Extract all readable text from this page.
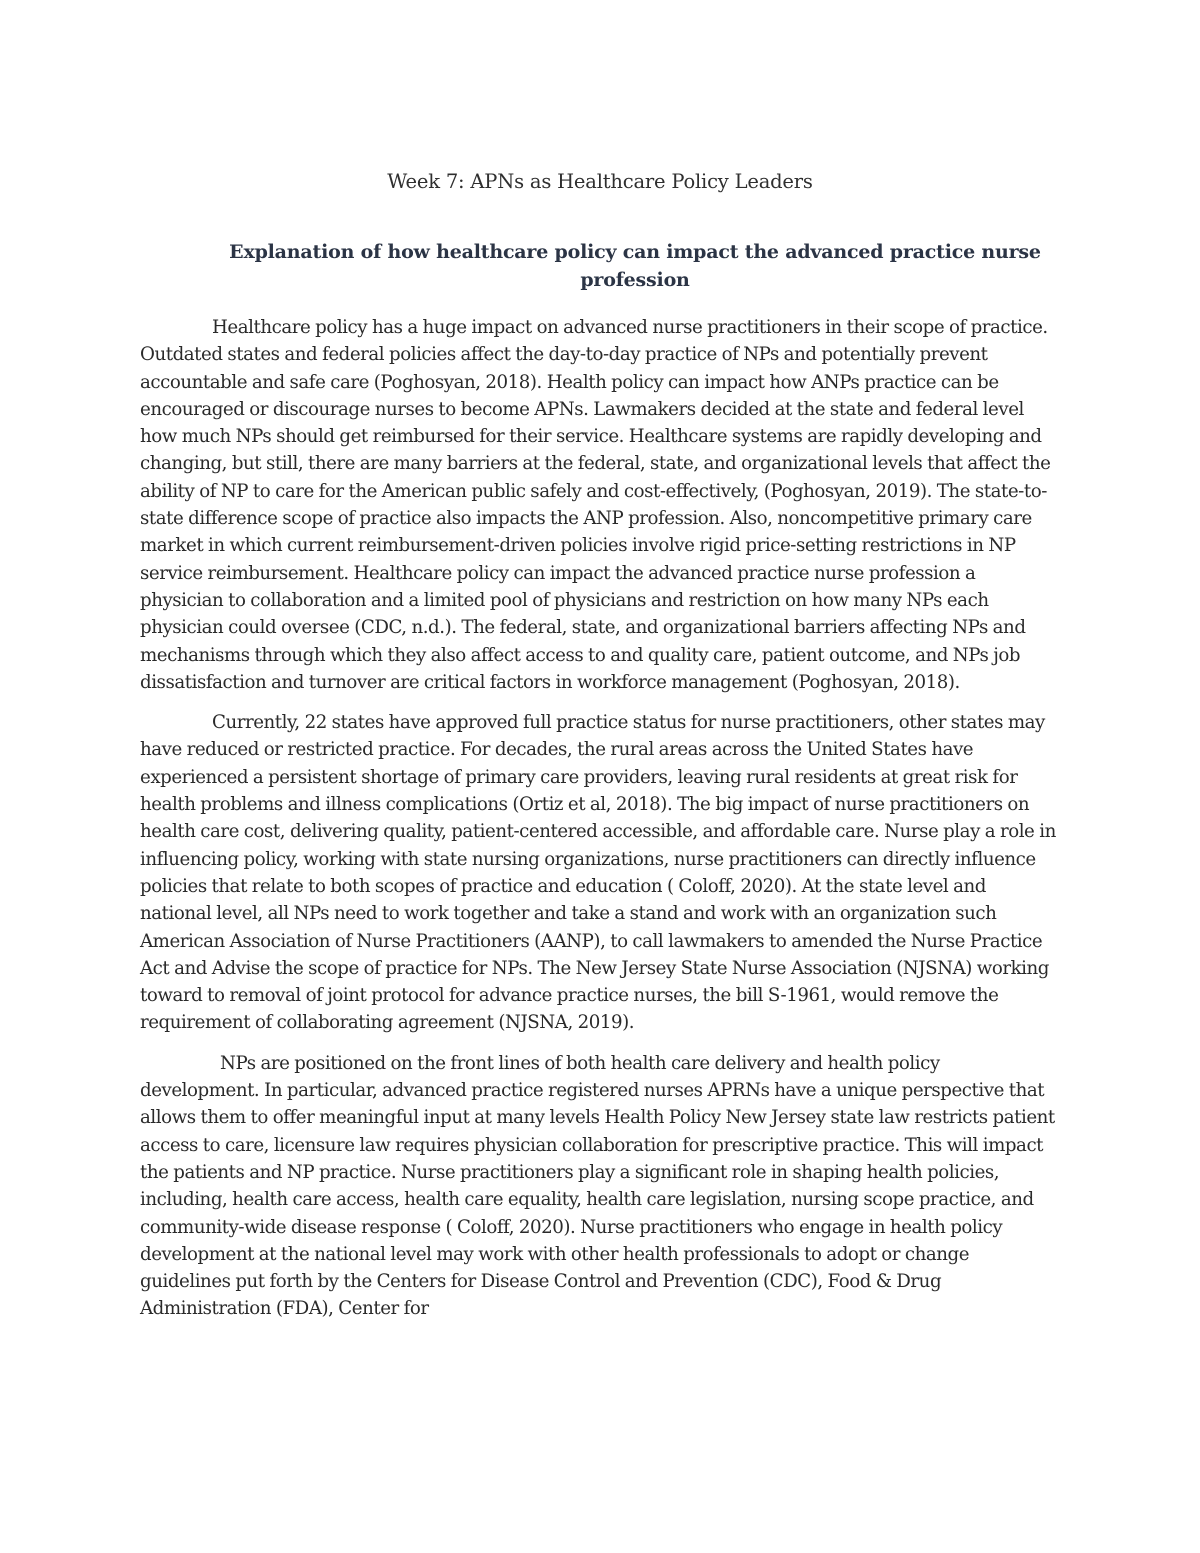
Week 7: APNs as Healthcare Policy Leaders
Explanation of how healthcare policy can impact the advanced practice nurse profession

Healthcare policy has a huge impact on advanced nurse practitioners in their scope of practice. Outdated states and federal policies affect the day-to-day practice of NPs and potentially prevent accountable and safe care (Poghosyan, 2018). Health policy can impact how ANPs practice can be encouraged or discourage nurses to become APNs. Lawmakers decided at the state and federal level how much NPs should get reimbursed for their service. Healthcare systems are rapidly developing and changing, but still, there are many barriers at the federal, state, and organizational levels that affect the ability of NP to care for the American public safely and cost-effectively, (Poghosyan, 2019). The state-to-state difference scope of practice also impacts the ANP profession. Also, noncompetitive primary care market in which current reimbursement-driven policies involve rigid price-setting restrictions in NP service reimbursement. Healthcare policy can impact the advanced practice nurse profession a physician to collaboration and a limited pool of physicians and restriction on how many NPs each physician could oversee (CDC, n.d.). The federal, state, and organizational barriers affecting NPs and mechanisms through which they also affect access to and quality care, patient outcome, and NPs job dissatisfaction and turnover are critical factors in workforce management (Poghosyan, 2018).

Currently, 22 states have approved full practice status for nurse practitioners, other states may have reduced or restricted practice. For decades, the rural areas across the United States have experienced a persistent shortage of primary care providers, leaving rural residents at great risk for health problems and illness complications (Ortiz et al, 2018). The big impact of nurse practitioners on health care cost, delivering quality, patient-centered accessible, and affordable care. Nurse play a role in influencing policy, working with state nursing organizations, nurse practitioners can directly influence policies that relate to both scopes of practice and education ( Coloff, 2020). At the state level and national level, all NPs need to work together and take a stand and work with an organization such American Association of Nurse Practitioners (AANP), to call lawmakers to amended the Nurse Practice Act and Advise the scope of practice for NPs. The New Jersey State Nurse Association (NJSNA) working toward to removal of joint protocol for advance practice nurses, the bill S-1961, would remove the requirement of collaborating agreement (NJSNA, 2019).

NPs are positioned on the front lines of both health care delivery and health policy development. In particular, advanced practice registered nurses APRNs have a unique perspective that allows them to offer meaningful input at many levels Health Policy New Jersey state law restricts patient access to care, licensure law requires physician collaboration for prescriptive practice. This will impact the patients and NP practice. Nurse practitioners play a significant role in shaping health policies, including, health care access, health care equality, health care legislation, nursing scope practice, and community-wide disease response ( Coloff, 2020). Nurse practitioners who engage in health policy development at the national level may work with other health professionals to adopt or change guidelines put forth by the Centers for Disease Control and Prevention (CDC), Food & Drug Administration (FDA), Center for
